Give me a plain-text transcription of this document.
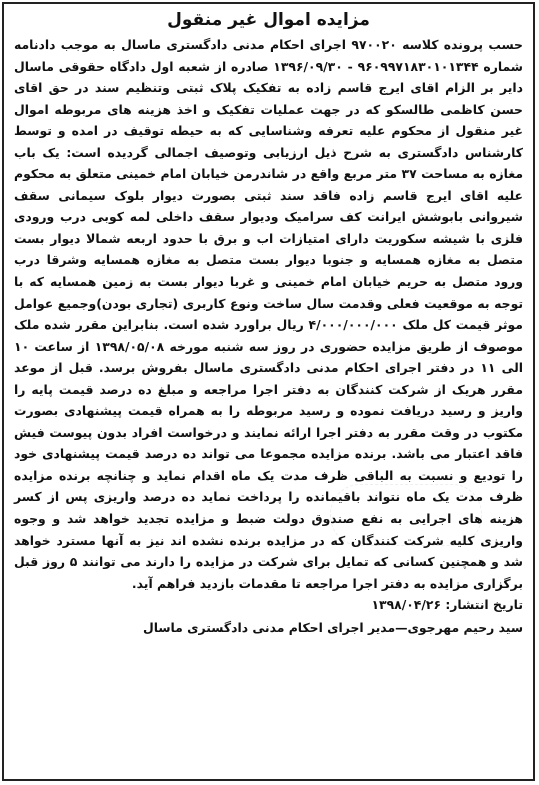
مزایده اموال غیر منقول

حسب پرونده کلاسه ۹۷۰۰۲۰ اجرای احکام مدنی دادگستری ماسال به موجب دادنامه شماره ۹۶۰۹۹۷۱۸۳۰۱۰۱۳۴۴ - ۱۳۹۶/۰۹/۳۰ صادره از شعبه اول دادگاه حقوقی ماسال دایر بر الزام اقای ایرج قاسم زاده به تفکیک پلاک ثبتی وتنظیم سند در حق اقای حسن کاظمی طالسکو که در جهت عملیات تفکیک و اخذ هزینه های مربوطه اموال غیر منقول از محکوم علیه تعرفه وشناسایی که به حیطه توقیف در امده و توسط کارشناس دادگستری به شرح ذیل ارزیابی وتوصیف اجمالی گردیده است: یک باب مغازه به مساحت ۳۷ متر مربع واقع در شاندرمن خیابان امام خمینی متعلق به محکوم علیه اقای ایرج قاسم زاده فاقد سند ثبتی بصورت دیوار بلوک سیمانی سقف شیروانی بابوشش ایرانت کف سرامیک ودیوار سقف داخلی لمه کوبی درب ورودی فلزی با شیشه سکوریت دارای امتیازات اب و برق با حدود اربعه شمالا دیوار بست متصل به مغازه همسایه و جنوبا دیوار بست متصل به مغازه همسایه وشرقا درب ورود متصل به حریم خیابان امام خمینی و غربا دیوار بست به زمین همسایه که با توجه به موقعیت فعلی وقدمت سال ساخت ونوع کاربری (تجاری بودن)وجمیع عوامل موثر قیمت کل ملک ۴/۰۰۰/۰۰۰/۰۰۰ ریال براورد شده است. بنابراین مقرر شده ملک موصوف از طریق مزایده حضوری در روز سه شنبه مورخه ۱۳۹۸/۰۵/۰۸ از ساعت ۱۰ الی ۱۱ در دفتر اجرای احکام مدنی دادگستری ماسال بفروش برسد. قبل از موعد مقرر هریک از شرکت کنندگان به دفتر اجرا مراجعه و مبلغ ده درصد قیمت پایه را واریز و رسید دریافت نموده و رسید مربوطه را به همراه قیمت پیشنهادی بصورت مکتوب در وقت مقرر به دفتر اجرا ارائه نمایند و درخواست افراد بدون پیوست فیش فاقد اعتبار می باشد. برنده مزایده مجموعا می تواند ده درصد قیمت پیشنهادی خود را تودیع و نسبت به الباقی ظرف مدت یک ماه اقدام نماید و چنانچه برنده مزایده ظرف مدت یک ماه نتواند باقیمانده را پرداخت نماید ده درصد واریزی پس از کسر هزینه های اجرایی به نفع صندوق دولت ضبط و مزایده تجدید خواهد شد و وجوه واریزی کلیه شرکت کنندگان که در مزایده برنده نشده اند نیز به آنها مسترد خواهد شد و همچنین کسانی که تمایل برای شرکت در مزایده را دارند می توانند ۵ روز قبل برگزاری مزایده به دفتر اجرا مراجعه تا مقدمات بازدید فراهم آید.

تاریخ انتشار: ۱۳۹۸/۰۴/۲۶

سید رحیم مهرجوی—مدیر اجرای احکام مدنی دادگستری ماسال
